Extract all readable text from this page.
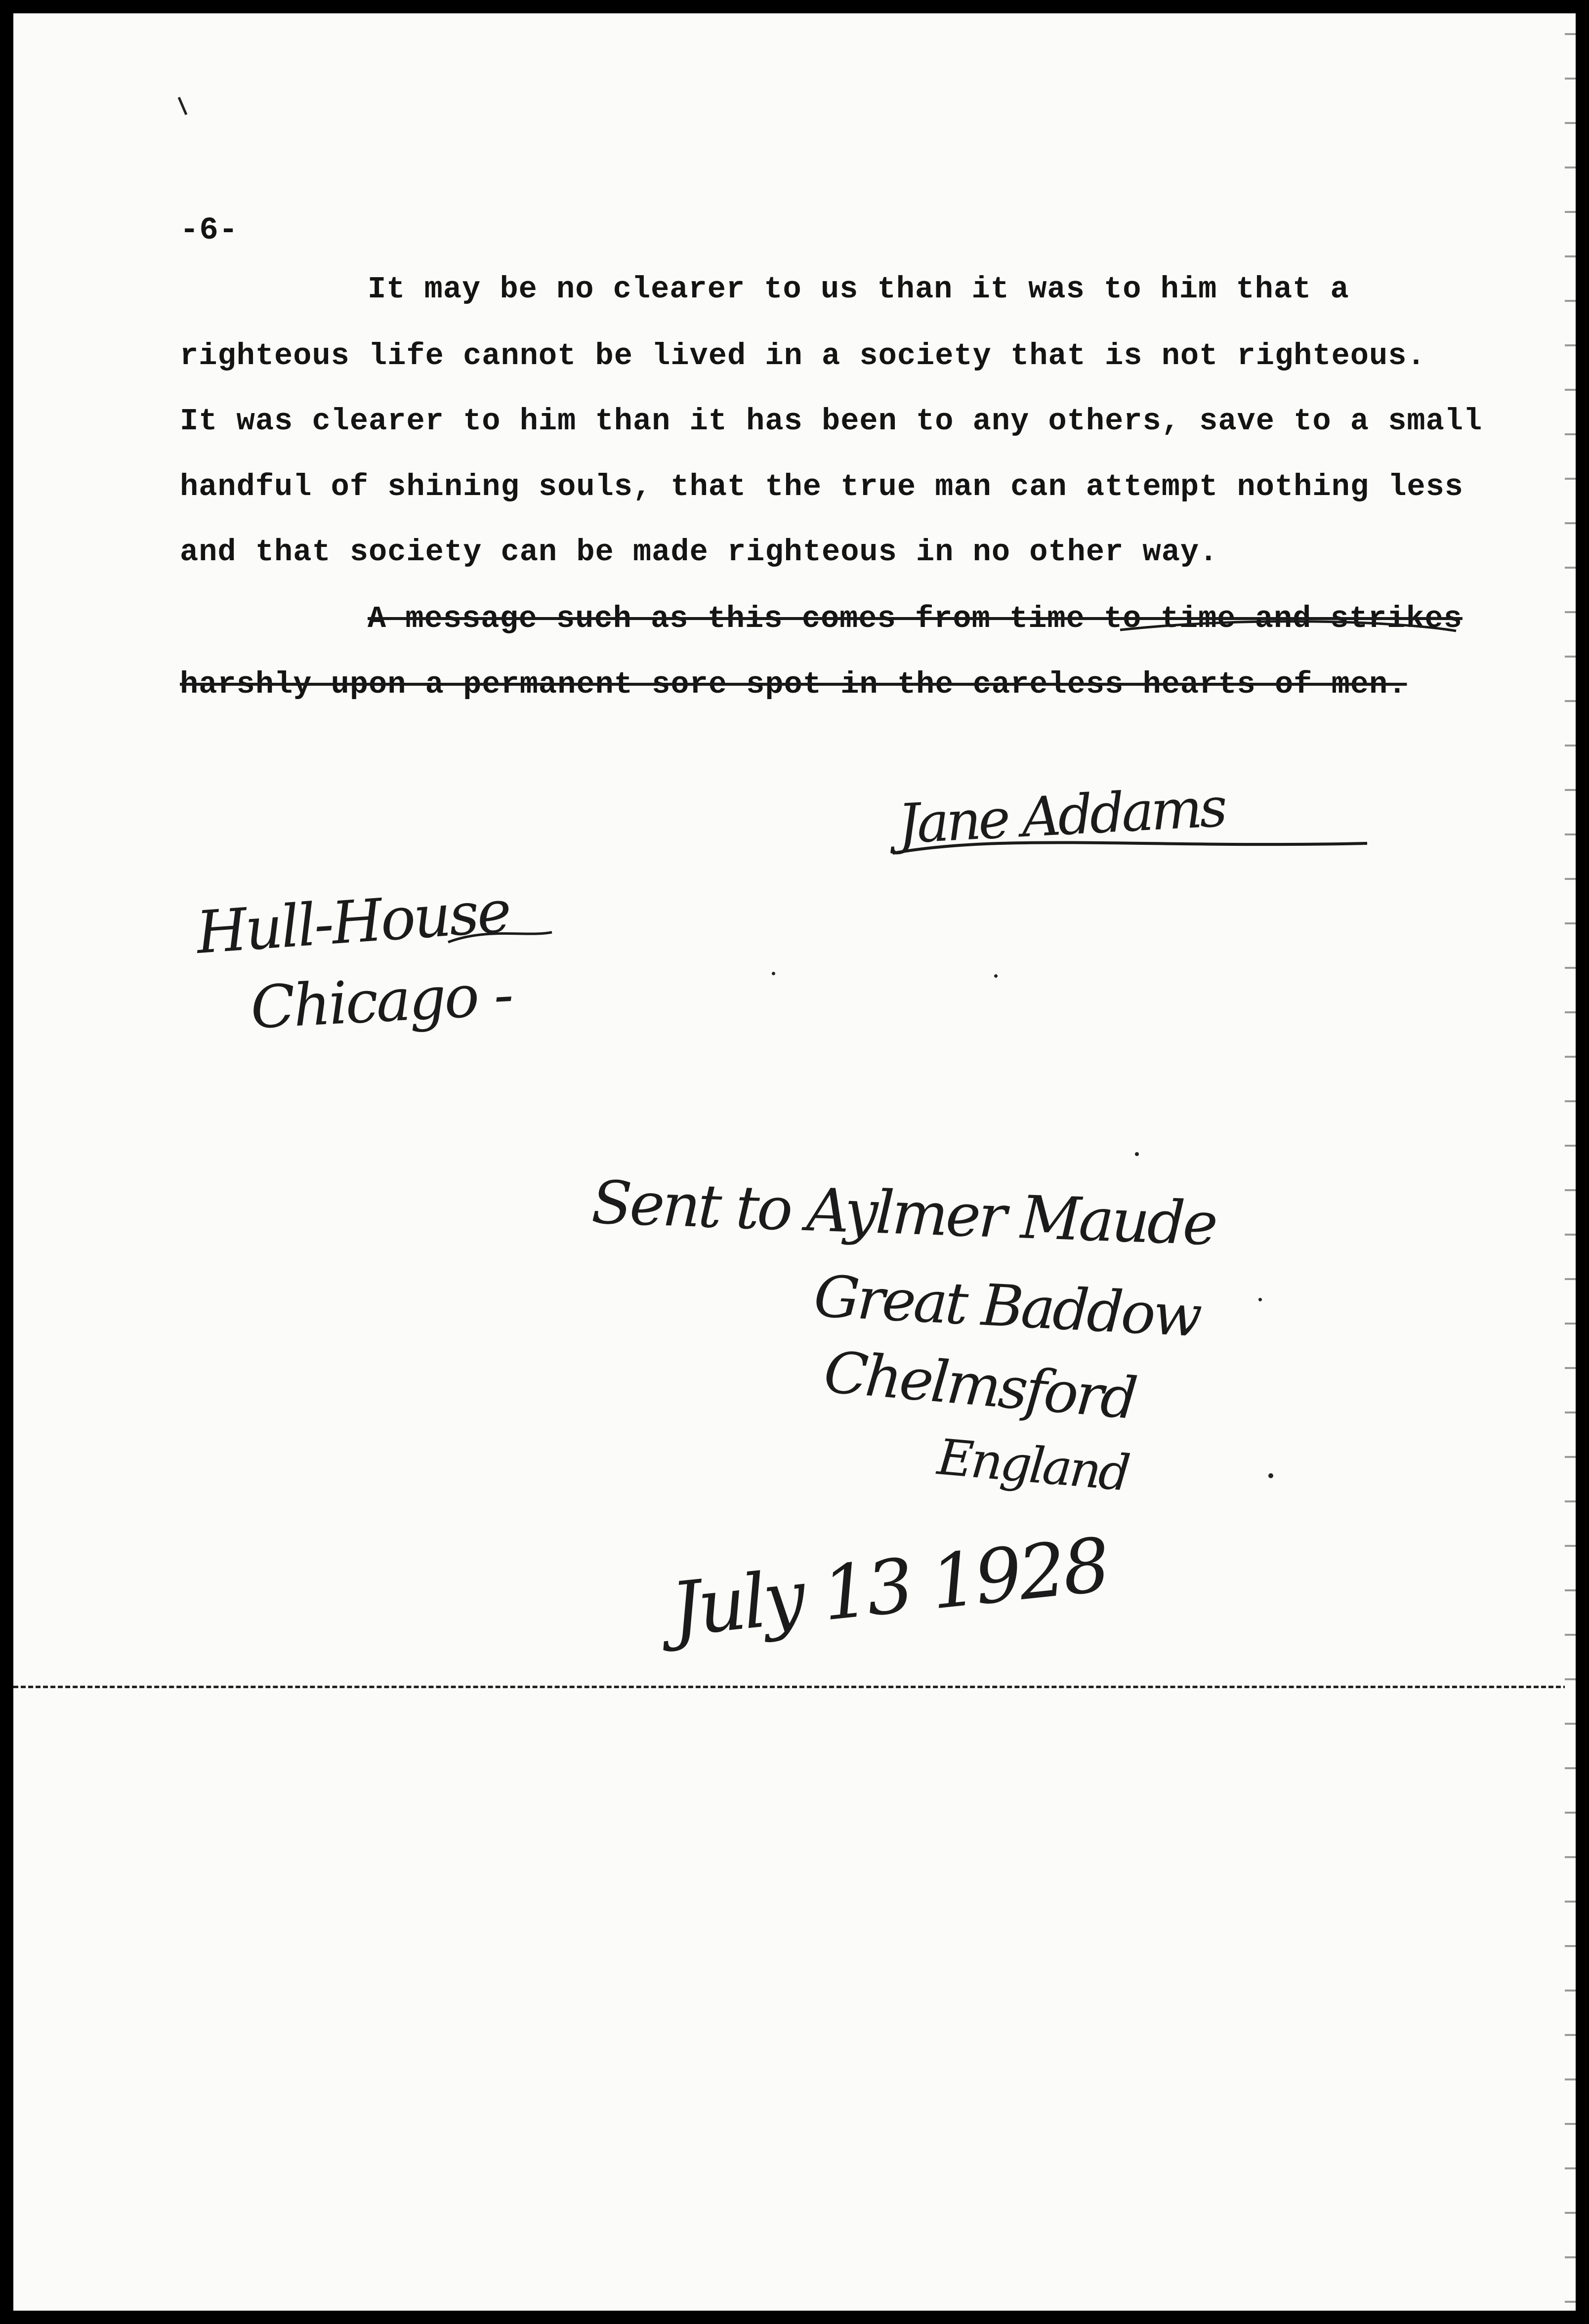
-6-
It may be no clearer to us than it was to him that a
righteous life cannot be lived in a society that is not righteous.
It was clearer to him than it has been to any others, save to a small
handful of shining souls, that the true man can attempt nothing less
and that society can be made righteous in no other way.
A message such as this comes from time to time and strikes
harshly upon a permanent sore spot in the careless hearts of men.
Jane Addams
Hull-House
Chicago -
Sent to Aylmer Maude
Great Baddow
Chelmsford
England
July 13 1928
